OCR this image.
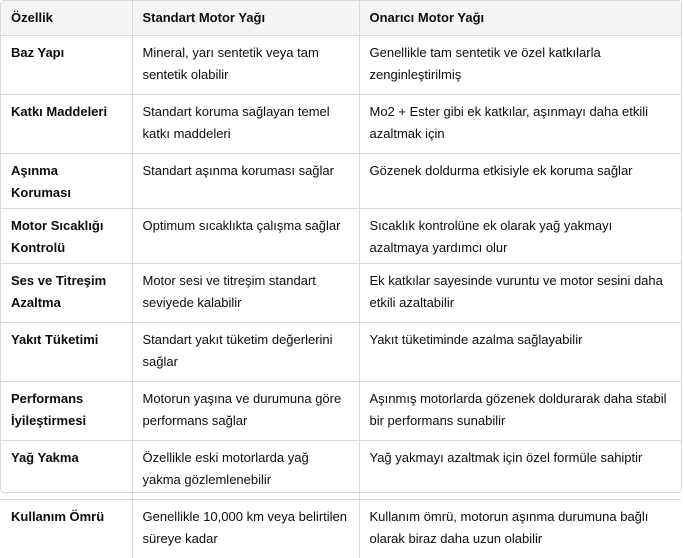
Özellik	Standart Motor Yağı	Onarıcı Motor Yağı
Baz Yapı	Mineral, yarı sentetik veya tam sentetik olabilir	Genellikle tam sentetik ve özel katkılarla zenginleştirilmiş
Katkı Maddeleri	Standart koruma sağlayan temel katkı maddeleri	Mo2 + Ester gibi ek katkılar, aşınmayı daha etkili azaltmak için
Aşınma Koruması	Standart aşınma koruması sağlar	Gözenek doldurma etkisiyle ek koruma sağlar
Motor Sıcaklığı Kontrolü	Optimum sıcaklıkta çalışma sağlar	Sıcaklık kontrolüne ek olarak yağ yakmayı azaltmaya yardımcı olur
Ses ve Titreşim Azaltma	Motor sesi ve titreşim standart seviyede kalabilir	Ek katkılar sayesinde vuruntu ve motor sesini daha etkili azaltabilir
Yakıt Tüketimi	Standart yakıt tüketim değerlerini sağlar	Yakıt tüketiminde azalma sağlayabilir
Performans İyileştirmesi	Motorun yaşına ve durumuna göre performans sağlar	Aşınmış motorlarda gözenek doldurarak daha stabil bir performans sunabilir
Yağ Yakma	Özellikle eski motorlarda yağ yakma gözlemlenebilir	Yağ yakmayı azaltmak için özel formüle sahiptir
Kullanım Ömrü	Genellikle 10,000 km veya belirtilen süreye kadar	Kullanım ömrü, motorun aşınma durumuna bağlı olarak biraz daha uzun olabilir
